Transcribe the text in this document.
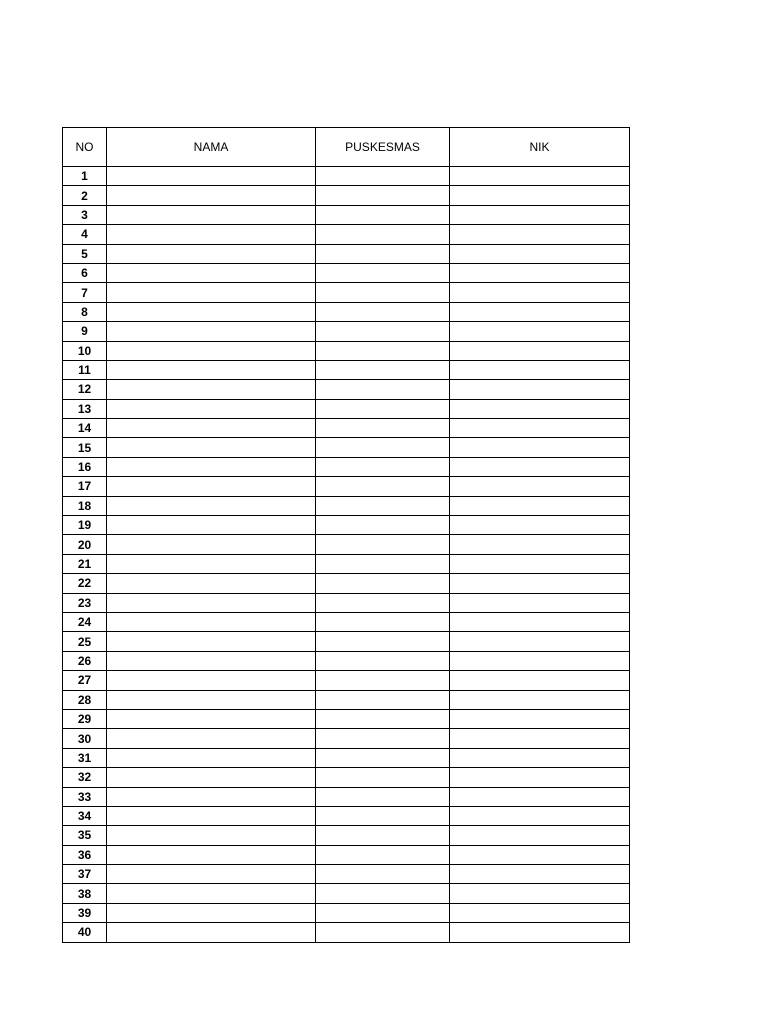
NO	NAMA	PUSKESMAS	NIK
1			
2			
3			
4			
5			
6			
7			
8			
9			
10			
11			
12			
13			
14			
15			
16			
17			
18			
19			
20			
21			
22			
23			
24			
25			
26			
27			
28			
29			
30			
31			
32			
33			
34			
35			
36			
37			
38			
39			
40			
